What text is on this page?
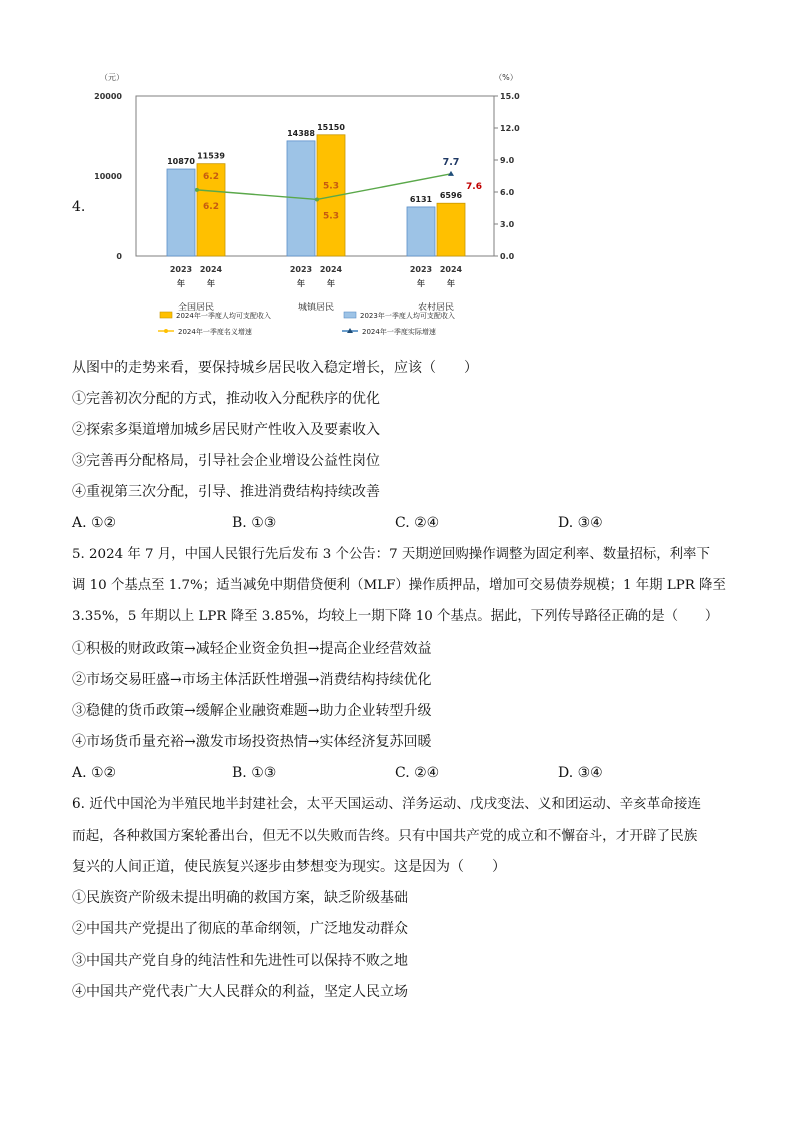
4.
（元）	（%）
0
10000
20000
0.0
3.0
6.0
9.0
12.0
15.0
10870
2023
年
11539
2024
年
全国居民
14388
2023
年
15150
2024
年
城镇居民
6131
2023
年
6596
2024
年
农村居民
6.2
6.2
5.3
5.3
7.7
7.6
2024年一季度人均可支配收入	2023年一季度人均可支配收入
2024年一季度名义增速	2024年一季度实际增速
从图中的走势来看，要保持城乡居民收入稳定增长，应该（　　）
①完善初次分配的方式，推动收入分配秩序的优化
②探索多渠道增加城乡居民财产性收入及要素收入
③完善再分配格局，引导社会企业增设公益性岗位
④重视第三次分配，引导、推进消费结构持续改善
A. ①②	B. ①③	C. ②④	D. ③④
5. 2024 年 7 月，中国人民银行先后发布 3 个公告：7 天期逆回购操作调整为固定利率、数量招标，利率下
调 10 个基点至 1.7%；适当减免中期借贷便利（MLF）操作质押品，增加可交易债券规模；1 年期 LPR 降至
3.35%，5 年期以上 LPR 降至 3.85%，均较上一期下降 10 个基点。据此，下列传导路径正确的是（　　）
①积极的财政政策→减轻企业资金负担→提高企业经营效益
②市场交易旺盛→市场主体活跃性增强→消费结构持续优化
③稳健的货币政策→缓解企业融资难题→助力企业转型升级
④市场货币量充裕→激发市场投资热情→实体经济复苏回暖
A. ①②	B. ①③	C. ②④	D. ③④
6. 近代中国沦为半殖民地半封建社会，太平天国运动、洋务运动、戊戌变法、义和团运动、辛亥革命接连
而起，各种救国方案轮番出台，但无不以失败而告终。只有中国共产党的成立和不懈奋斗，才开辟了民族
复兴的人间正道，使民族复兴逐步由梦想变为现实。这是因为（　　）
①民族资产阶级未提出明确的救国方案，缺乏阶级基础
②中国共产党提出了彻底的革命纲领，广泛地发动群众
③中国共产党自身的纯洁性和先进性可以保持不败之地
④中国共产党代表广大人民群众的利益，坚定人民立场
